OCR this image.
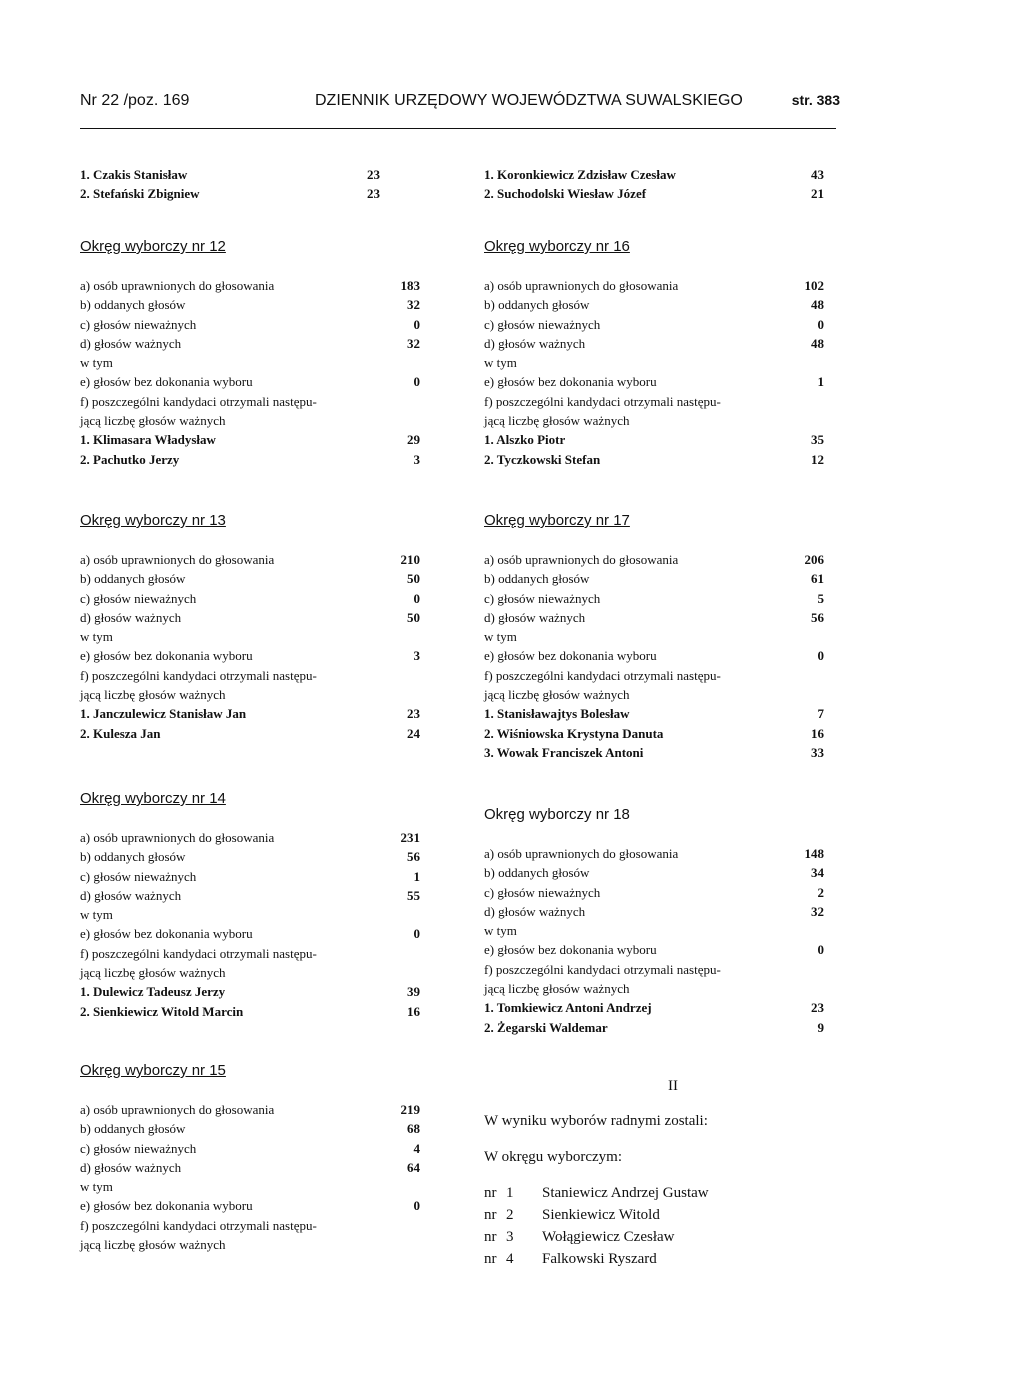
Nr 22 /poz. 169	DZIENNIK URZĘDOWY WOJEWÓDZTWA SUWALSKIEGO	str. 383
1. Czakis Stanisław	23
2. Stefański Zbigniew	23
1. Koronkiewicz Zdzisław Czesław	43
2. Suchodolski Wiesław Józef	21
Okręg wyborczy nr 12
a) osób uprawnionych do głosowania	183
b) oddanych głosów	32
c) głosów nieważnych	0
d) głosów ważnych	32
w tym
e) głosów bez dokonania wyboru	0
f) poszczególni kandydaci otrzymali następu-
jącą liczbę głosów ważnych
1. Klimasara Władysław	29
2. Pachutko Jerzy	3
Okręg wyborczy nr 16
a) osób uprawnionych do głosowania	102
b) oddanych głosów	48
c) głosów nieważnych	0
d) głosów ważnych	48
w tym
e) głosów bez dokonania wyboru	1
f) poszczególni kandydaci otrzymali następu-
jącą liczbę głosów ważnych
1. Alszko Piotr	35
2. Tyczkowski Stefan	12
Okręg wyborczy nr 13
a) osób uprawnionych do głosowania	210
b) oddanych głosów	50
c) głosów nieważnych	0
d) głosów ważnych	50
w tym
e) głosów bez dokonania wyboru	3
f) poszczególni kandydaci otrzymali następu-
jącą liczbę głosów ważnych
1. Janczulewicz Stanisław Jan	23
2. Kulesza Jan	24
Okręg wyborczy nr 17
a) osób uprawnionych do głosowania	206
b) oddanych głosów	61
c) głosów nieważnych	5
d) głosów ważnych	56
w tym
e) głosów bez dokonania wyboru	0
f) poszczególni kandydaci otrzymali następu-
jącą liczbę głosów ważnych
1. Stanisławajtys Bolesław	7
2. Wiśniowska Krystyna Danuta	16
3. Wowak Franciszek Antoni	33
Okręg wyborczy nr 14
a) osób uprawnionych do głosowania	231
b) oddanych głosów	56
c) głosów nieważnych	1
d) głosów ważnych	55
w tym
e) głosów bez dokonania wyboru	0
f) poszczególni kandydaci otrzymali następu-
jącą liczbę głosów ważnych
1. Dulewicz Tadeusz Jerzy	39
2. Sienkiewicz Witold Marcin	16
Okręg wyborczy nr 18
a) osób uprawnionych do głosowania	148
b) oddanych głosów	34
c) głosów nieważnych	2
d) głosów ważnych	32
w tym
e) głosów bez dokonania wyboru	0
f) poszczególni kandydaci otrzymali następu-
jącą liczbę głosów ważnych
1. Tomkiewicz Antoni Andrzej	23
2. Żegarski Waldemar	9
Okręg wyborczy nr 15
a) osób uprawnionych do głosowania	219
b) oddanych głosów	68
c) głosów nieważnych	4
d) głosów ważnych	64
w tym
e) głosów bez dokonania wyboru	0
f) poszczególni kandydaci otrzymali następu-
jącą liczbę głosów ważnych
II
W wyniku wyborów radnymi zostali:
W okręgu wyborczym:
nr 1 Staniewicz Andrzej Gustaw
nr 2 Sienkiewicz Witold
nr 3 Wołągiewicz Czesław
nr 4 Falkowski Ryszard
